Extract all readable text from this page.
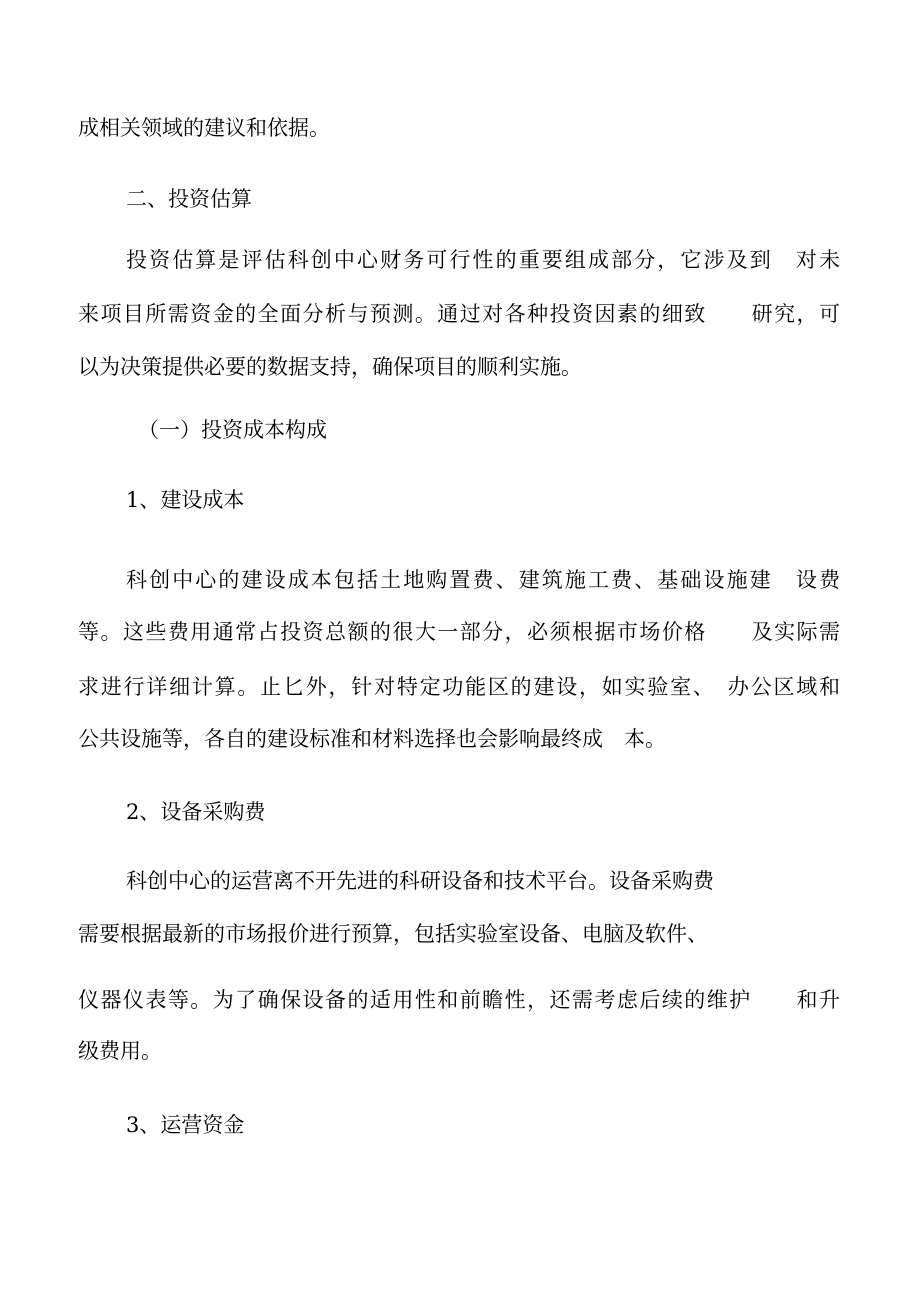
成相关领域的建议和依据。
二、投资估算
投资估算是评估科创中心财务可行性的重要组成部分，它涉及到　对未
来项目所需资金的全面分析与预测。通过对各种投资因素的细致　　研究，可
以为决策提供必要的数据支持，确保项目的顺利实施。
（一）投资成本构成
1、建设成本
科创中心的建设成本包括土地购置费、建筑施工费、基础设施建　设费
等。这些费用通常占投资总额的很大一部分，必须根据市场价格　　及实际需
求进行详细计算。止匕外，针对特定功能区的建设，如实验室、　办公区域和
公共设施等，各自的建设标准和材料选择也会影响最终成　本。
2、设备采购费
科创中心的运营离不开先进的科研设备和技术平台。设备采购费
需要根据最新的市场报价进行预算，包括实验室设备、电脑及软件、
仪器仪表等。为了确保设备的适用性和前瞻性，还需考虑后续的维护　　和升
级费用。
3、运营资金
